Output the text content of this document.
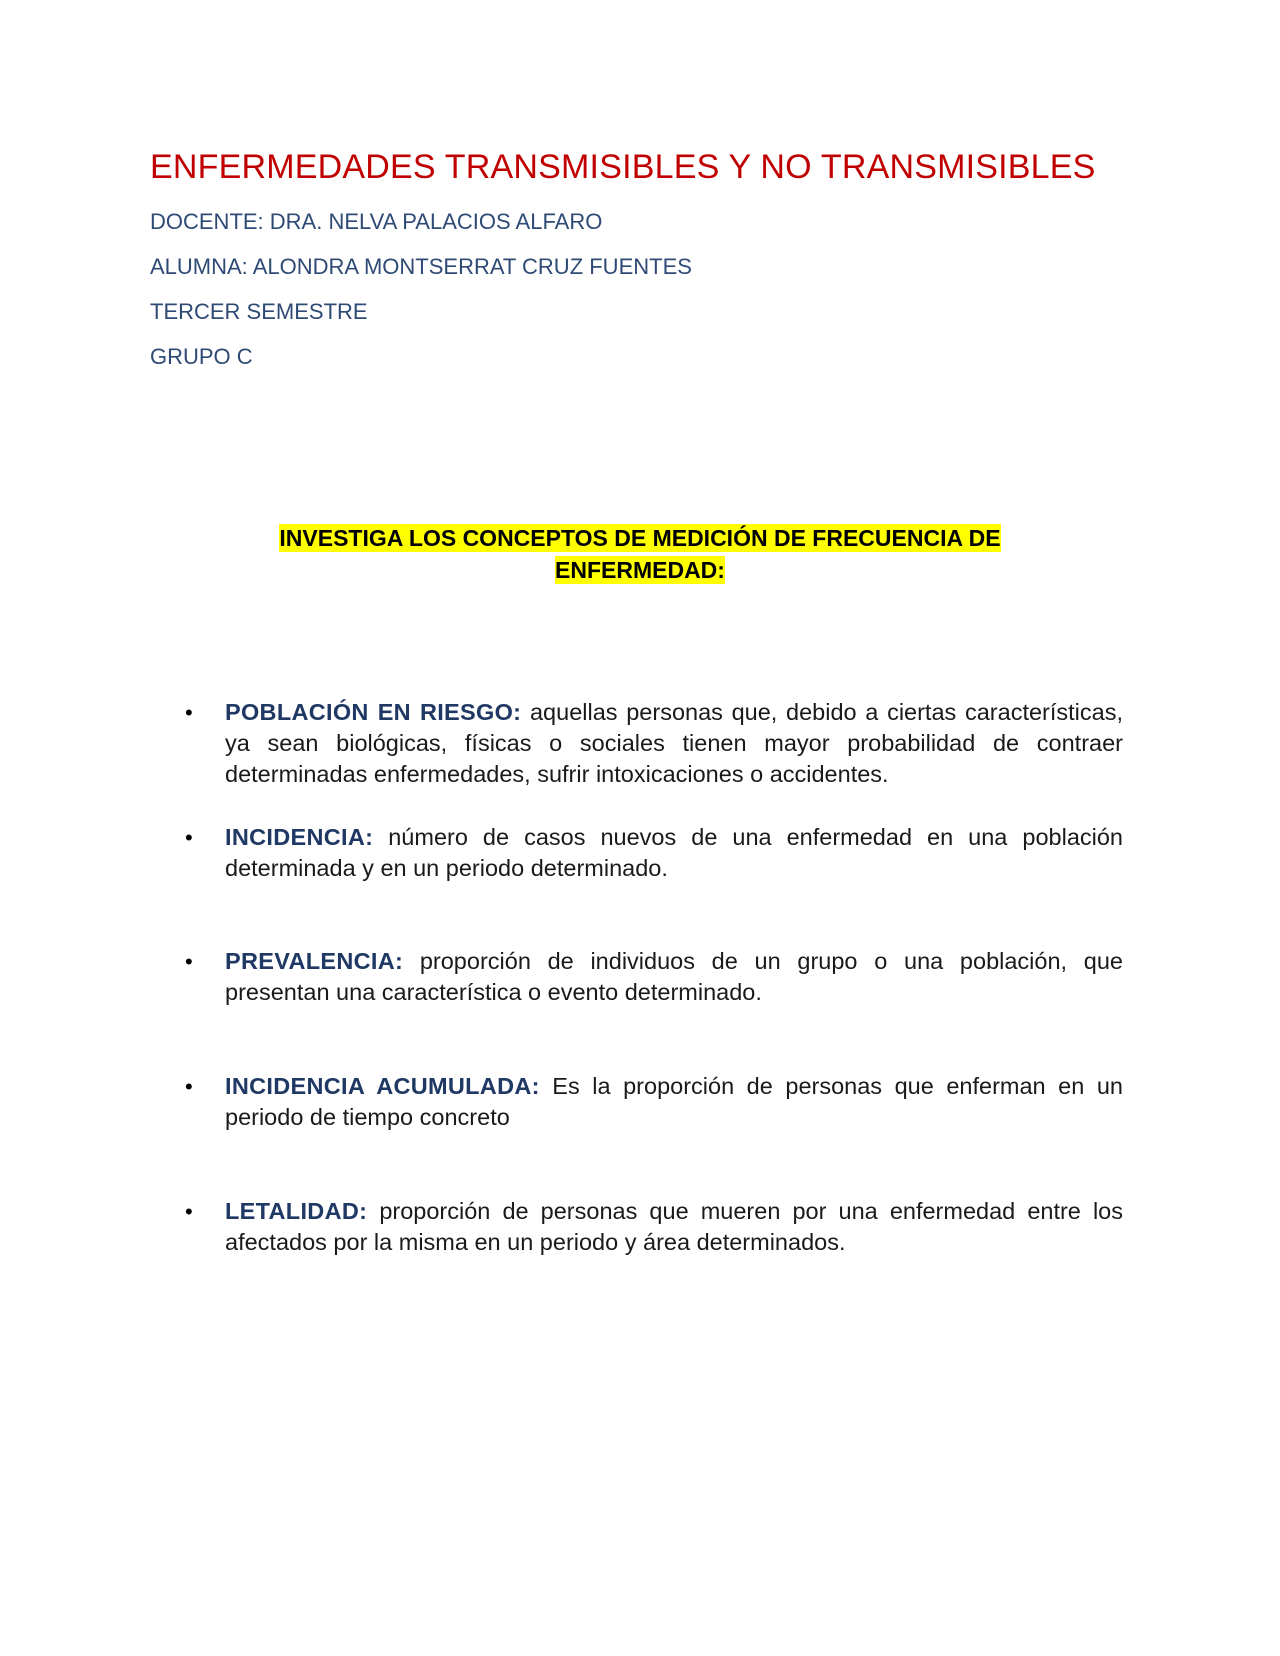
ENFERMEDADES TRANSMISIBLES Y NO TRANSMISIBLES

DOCENTE: DRA. NELVA PALACIOS ALFARO

ALUMNA: ALONDRA MONTSERRAT CRUZ FUENTES

TERCER SEMESTRE

GRUPO C

INVESTIGA LOS CONCEPTOS DE MEDICIÓN DE FRECUENCIA DE
ENFERMEDAD:
• POBLACIÓN EN RIESGO: aquellas personas que, debido a ciertas características, ya sean biológicas, físicas o sociales tienen mayor probabilidad de contraer determinadas enfermedades, sufrir intoxicaciones o accidentes.
• INCIDENCIA: número de casos nuevos de una enfermedad en una población determinada y en un periodo determinado.
• PREVALENCIA: proporción de individuos de un grupo o una población, que presentan una característica o evento determinado.
• INCIDENCIA ACUMULADA: Es la proporción de personas que enferman en un periodo de tiempo concreto
• LETALIDAD: proporción de personas que mueren por una enfermedad entre los afectados por la misma en un periodo y área determinados.
